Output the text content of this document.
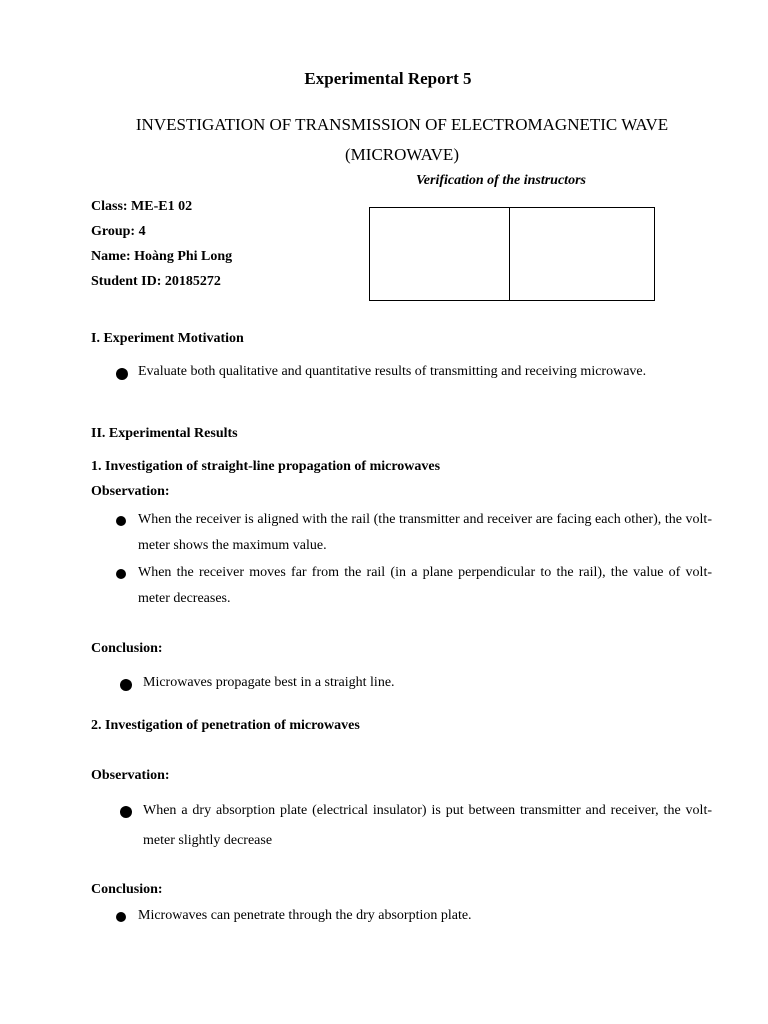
Experimental Report 5
INVESTIGATION OF TRANSMISSION OF ELECTROMAGNETIC WAVE
(MICROWAVE)
Verification of the instructors
Class: ME-E1 02
Group: 4
Name: Hoàng Phi Long
Student ID: 20185272
I. Experiment Motivation
Evaluate both qualitative and quantitative results of transmitting and receiving microwave.
II. Experimental Results
1. Investigation of straight-line propagation of microwaves
Observation:
When the receiver is aligned with the rail (the transmitter and receiver are facing each other), the volt-meter shows the maximum value.
When the receiver moves far from the rail (in a plane perpendicular to the rail), the value of volt-meter decreases.
Conclusion:
Microwaves propagate best in a straight line.
2. Investigation of penetration of microwaves
Observation:
When a dry absorption plate (electrical insulator) is put between transmitter and receiver, the volt-meter slightly decrease
Conclusion:
Microwaves can penetrate through the dry absorption plate.
